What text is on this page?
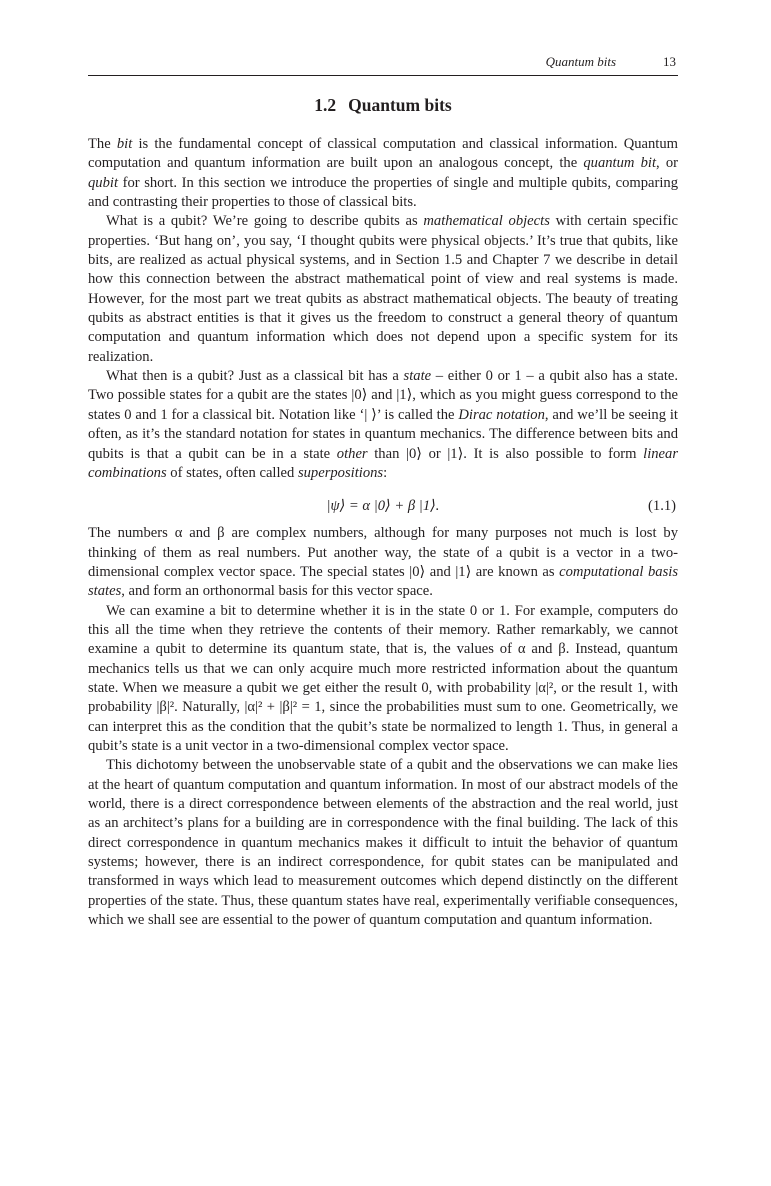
Quantum bits	13
1.2 Quantum bits

The bit is the fundamental concept of classical computation and classical information. Quantum computation and quantum information are built upon an analogous concept, the quantum bit, or qubit for short. In this section we introduce the properties of single and multiple qubits, comparing and contrasting their properties to those of classical bits.

What is a qubit? We’re going to describe qubits as mathematical objects with certain specific properties. ‘But hang on’, you say, ‘I thought qubits were physical objects.’ It’s true that qubits, like bits, are realized as actual physical systems, and in Section 1.5 and Chapter 7 we describe in detail how this connection between the abstract mathematical point of view and real systems is made. However, for the most part we treat qubits as abstract mathematical objects. The beauty of treating qubits as abstract entities is that it gives us the freedom to construct a general theory of quantum computation and quantum information which does not depend upon a specific system for its realization.

What then is a qubit? Just as a classical bit has a state – either 0 or 1 – a qubit also has a state. Two possible states for a qubit are the states |0⟩ and |1⟩, which as you might guess correspond to the states 0 and 1 for a classical bit. Notation like ‘| ⟩’ is called the Dirac notation, and we’ll be seeing it often, as it’s the standard notation for states in quantum mechanics. The difference between bits and qubits is that a qubit can be in a state other than |0⟩ or |1⟩. It is also possible to form linear combinations of states, often called superpositions:

|ψ⟩ = α |0⟩ + β |1⟩.	(1.1)

The numbers α and β are complex numbers, although for many purposes not much is lost by thinking of them as real numbers. Put another way, the state of a qubit is a vector in a two-dimensional complex vector space. The special states |0⟩ and |1⟩ are known as computational basis states, and form an orthonormal basis for this vector space.

We can examine a bit to determine whether it is in the state 0 or 1. For example, computers do this all the time when they retrieve the contents of their memory. Rather remarkably, we cannot examine a qubit to determine its quantum state, that is, the values of α and β. Instead, quantum mechanics tells us that we can only acquire much more restricted information about the quantum state. When we measure a qubit we get either the result 0, with probability |α|², or the result 1, with probability |β|². Naturally, |α|² + |β|² = 1, since the probabilities must sum to one. Geometrically, we can interpret this as the condition that the qubit’s state be normalized to length 1. Thus, in general a qubit’s state is a unit vector in a two-dimensional complex vector space.

This dichotomy between the unobservable state of a qubit and the observations we can make lies at the heart of quantum computation and quantum information. In most of our abstract models of the world, there is a direct correspondence between elements of the abstraction and the real world, just as an architect’s plans for a building are in correspondence with the final building. The lack of this direct correspondence in quantum mechanics makes it difficult to intuit the behavior of quantum systems; however, there is an indirect correspondence, for qubit states can be manipulated and transformed in ways which lead to measurement outcomes which depend distinctly on the different properties of the state. Thus, these quantum states have real, experimentally verifiable consequences, which we shall see are essential to the power of quantum computation and quantum information.
